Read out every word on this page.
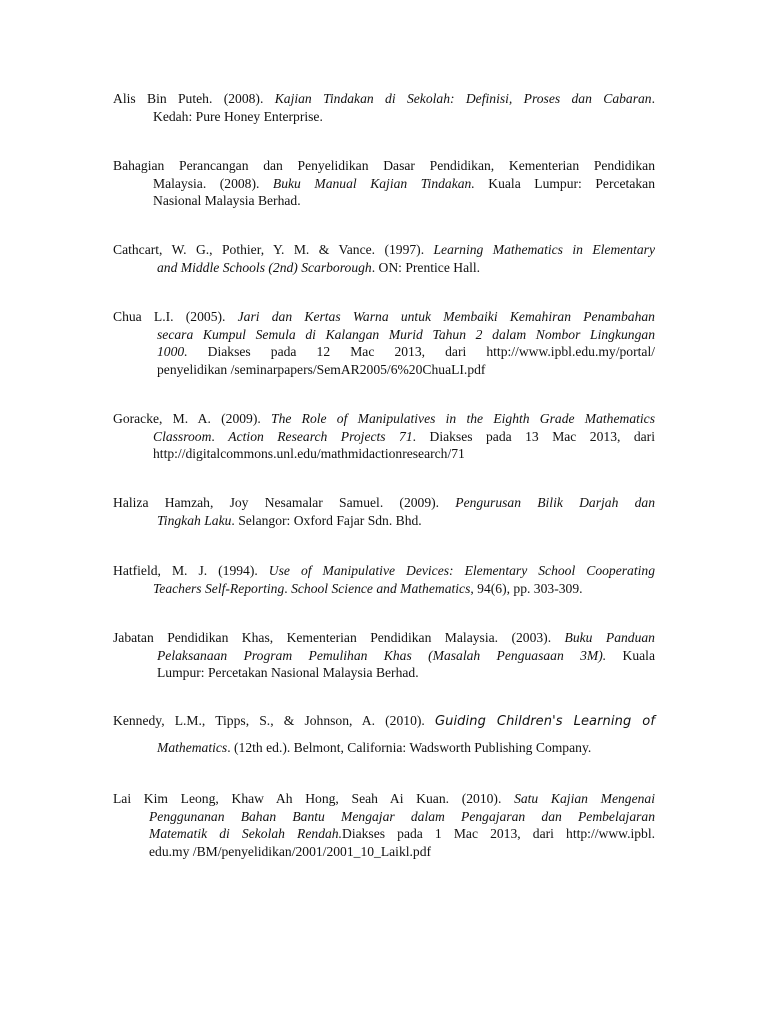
Alis Bin Puteh. (2008). Kajian Tindakan di Sekolah: Definisi, Proses dan Cabaran.
Kedah: Pure Honey Enterprise.
Bahagian Perancangan dan Penyelidikan Dasar Pendidikan, Kementerian Pendidikan
Malaysia. (2008). Buku Manual Kajian Tindakan. Kuala Lumpur: Percetakan
Nasional Malaysia Berhad.
Cathcart, W. G., Pothier, Y. M. & Vance. (1997). Learning Mathematics in Elementary
and Middle Schools (2nd) Scarborough. ON: Prentice Hall.
Chua L.I. (2005). Jari dan Kertas Warna untuk Membaiki Kemahiran Penambahan
secara Kumpul Semula di Kalangan Murid Tahun 2 dalam Nombor Lingkungan
1000. Diakses pada 12 Mac 2013, dari http://www.ipbl.edu.my/portal/
penyelidikan /seminarpapers/SemAR2005/6%20ChuaLI.pdf
Goracke, M. A. (2009). The Role of Manipulatives in the Eighth Grade Mathematics
Classroom. Action Research Projects 71. Diakses pada 13 Mac 2013, dari
http://digitalcommons.unl.edu/mathmidactionresearch/71
Haliza Hamzah, Joy Nesamalar Samuel. (2009). Pengurusan Bilik Darjah dan
Tingkah Laku. Selangor: Oxford Fajar Sdn. Bhd.
Hatfield, M. J. (1994). Use of Manipulative Devices: Elementary School Cooperating
Teachers Self-Reporting. School Science and Mathematics, 94(6), pp. 303-309.
Jabatan Pendidikan Khas, Kementerian Pendidikan Malaysia. (2003). Buku Panduan
Pelaksanaan Program Pemulihan Khas (Masalah Penguasaan 3M). Kuala
Lumpur: Percetakan Nasional Malaysia Berhad.
Kennedy, L.M., Tipps, S., & Johnson, A. (2010). Guiding Children's Learning of
Mathematics. (12th ed.). Belmont, California: Wadsworth Publishing Company.
Lai Kim Leong, Khaw Ah Hong, Seah Ai Kuan. (2010). Satu Kajian Mengenai
Penggunanan Bahan Bantu Mengajar dalam Pengajaran dan Pembelajaran
Matematik di Sekolah Rendah.Diakses pada 1 Mac 2013, dari http://www.ipbl.
edu.my /BM/penyelidikan/2001/2001_10_Laikl.pdf
